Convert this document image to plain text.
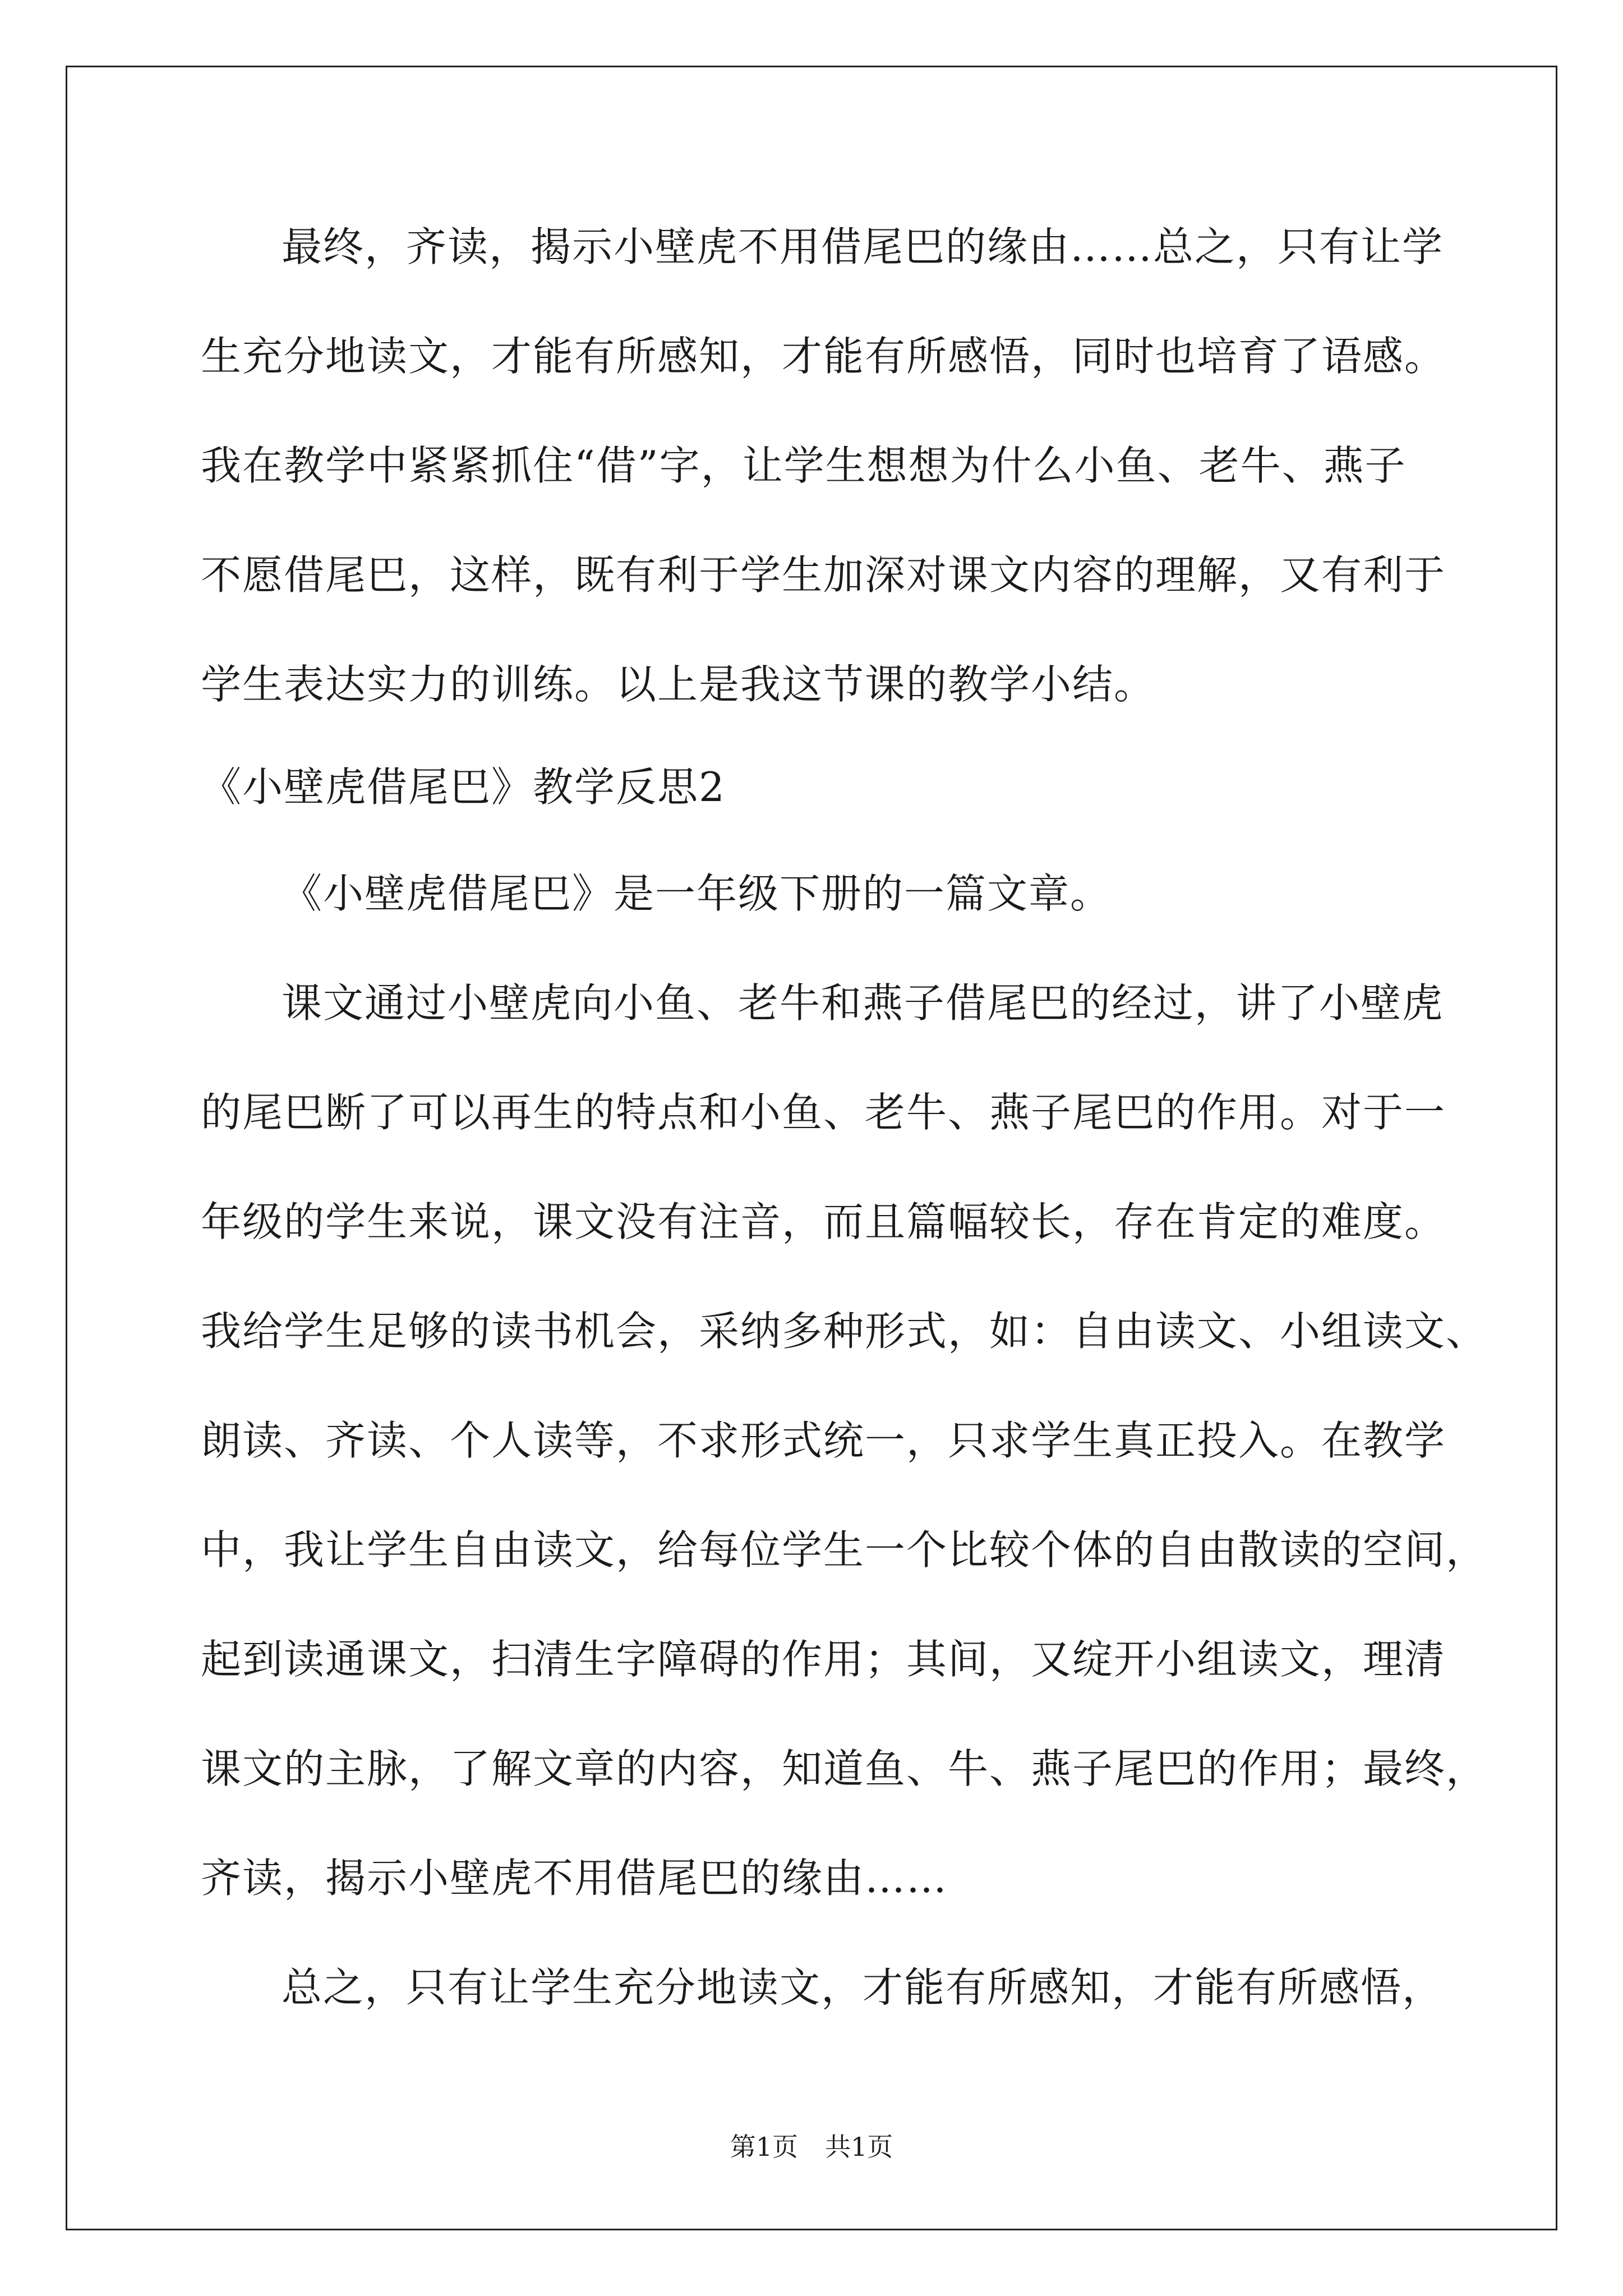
最终，齐读，揭示小壁虎不用借尾巴的缘由……总之，只有让学
生充分地读文，才能有所感知，才能有所感悟，同时也培育了语感。
我在教学中紧紧抓住“借”字，让学生想想为什么小鱼、老牛、燕子
不愿借尾巴，这样，既有利于学生加深对课文内容的理解，又有利于
学生表达实力的训练。以上是我这节课的教学小结。
《小壁虎借尾巴》教学反思2
《小壁虎借尾巴》是一年级下册的一篇文章。
课文通过小壁虎向小鱼、老牛和燕子借尾巴的经过，讲了小壁虎
的尾巴断了可以再生的特点和小鱼、老牛、燕子尾巴的作用。对于一
年级的学生来说，课文没有注音，而且篇幅较长，存在肯定的难度。
我给学生足够的读书机会，采纳多种形式，如：自由读文、小组读文、
朗读、齐读、个人读等，不求形式统一，只求学生真正投入。在教学
中，我让学生自由读文，给每位学生一个比较个体的自由散读的空间，
起到读通课文，扫清生字障碍的作用；其间，又绽开小组读文，理清
课文的主脉，了解文章的内容，知道鱼、牛、燕子尾巴的作用；最终，
齐读，揭示小壁虎不用借尾巴的缘由……
总之，只有让学生充分地读文，才能有所感知，才能有所感悟，
第1页 共1页
